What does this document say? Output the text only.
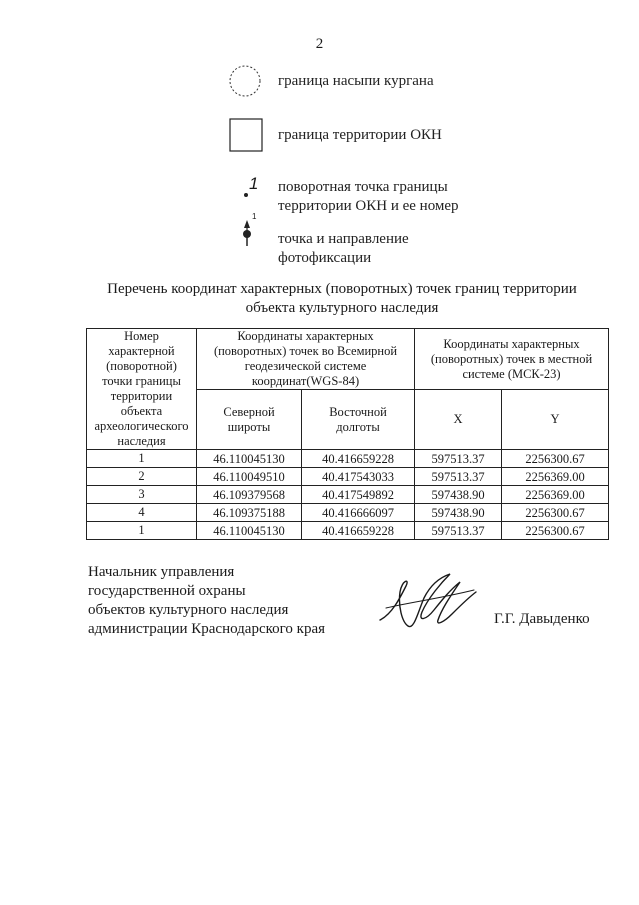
2
граница насыпи кургана
граница территории ОКН
1 поворотная точка границы
территории ОКН и ее номер
1
точка и направление
фотофиксации
Перечень координат характерных (поворотных) точек границ территории
объекта культурного наследия
Номер характерной (поворотной) точки границы территории объекта археологического наследия	Координаты характерных (поворотных) точек во Всемирной геодезической системе координат(WGS-84)		Координаты характерных (поворотных) точек в местной системе (МСК-23)	
	Северной широты	Восточной долготы	X	Y
1	46.110045130	40.416659228	597513.37	2256300.67
2	46.110049510	40.417543033	597513.37	2256369.00
3	46.109379568	40.417549892	597438.90	2256369.00
4	46.109375188	40.416666097	597438.90	2256300.67
1	46.110045130	40.416659228	597513.37	2256300.67
Начальник управления
государственной охраны
объектов культурного наследия
администрации Краснодарского края
Г.Г. Давыденко
